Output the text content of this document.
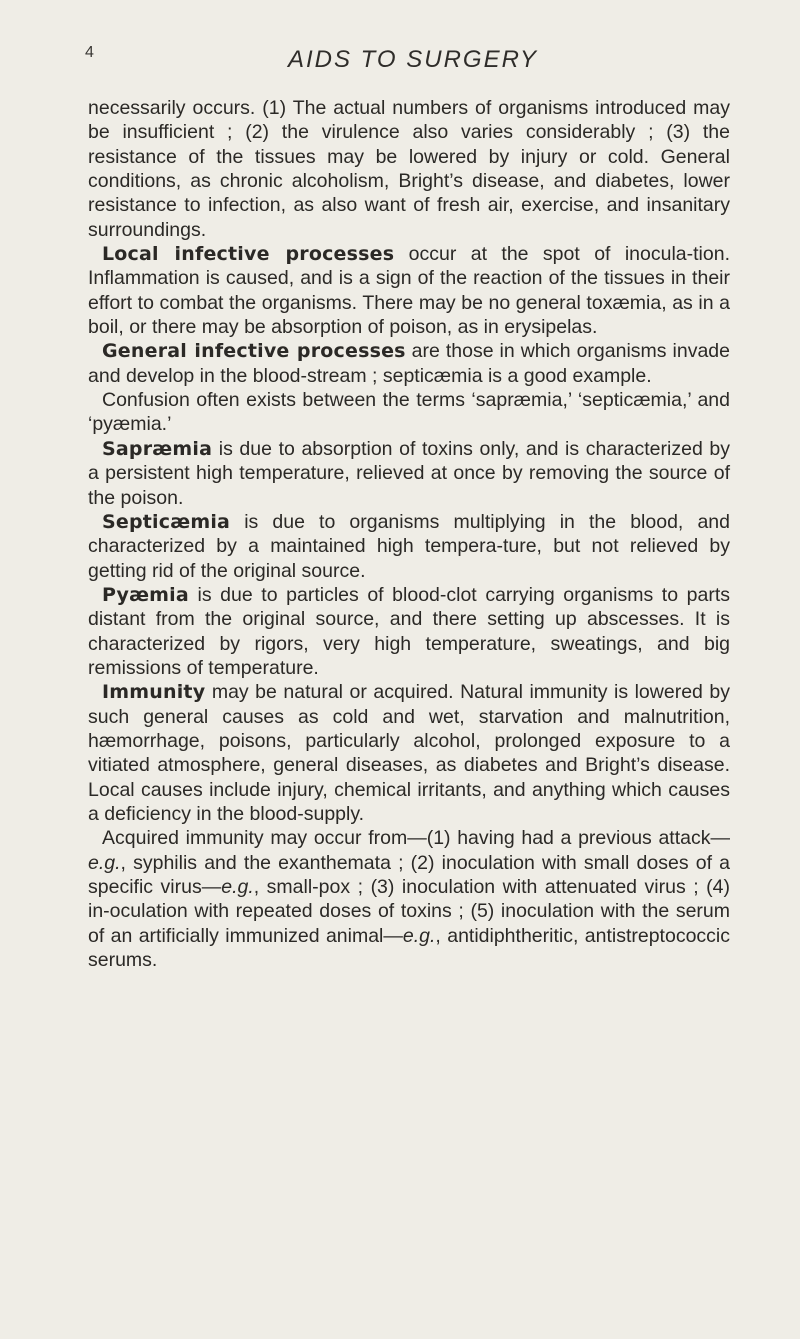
4	AIDS TO SURGERY

necessarily occurs. (1) The actual numbers of organisms introduced may be insufficient ; (2) the virulence also varies considerably ; (3) the resistance of the tissues may be lowered by injury or cold. General conditions, as chronic alcoholism, Bright’s disease, and diabetes, lower resistance to infection, as also want of fresh air, exercise, and insanitary surroundings.

Local infective processes occur at the spot of inocula-tion. Inflammation is caused, and is a sign of the reaction of the tissues in their effort to combat the organisms. There may be no general toxæmia, as in a boil, or there may be absorption of poison, as in erysipelas.

General infective processes are those in which organisms invade and develop in the blood-stream ; septicæmia is a good example.

Confusion often exists between the terms ‘sapræmia,’ ‘septicæmia,’ and ‘pyæmia.’

Sapræmia is due to absorption of toxins only, and is characterized by a persistent high temperature, relieved at once by removing the source of the poison.

Septicæmia is due to organisms multiplying in the blood, and characterized by a maintained high tempera-ture, but not relieved by getting rid of the original source.

Pyæmia is due to particles of blood-clot carrying organisms to parts distant from the original source, and there setting up abscesses. It is characterized by rigors, very high temperature, sweatings, and big remissions of temperature.

Immunity may be natural or acquired. Natural immunity is lowered by such general causes as cold and wet, starvation and malnutrition, hæmorrhage, poisons, particularly alcohol, prolonged exposure to a vitiated atmosphere, general diseases, as diabetes and Bright’s disease. Local causes include injury, chemical irritants, and anything which causes a deficiency in the blood-supply.

Acquired immunity may occur from—(1) having had a previous attack—e.g., syphilis and the exanthemata ; (2) inoculation with small doses of a specific virus—e.g., small-pox ; (3) inoculation with attenuated virus ; (4) in-oculation with repeated doses of toxins ; (5) inoculation with the serum of an artificially immunized animal—e.g., antidiphtheritic, antistreptococcic serums.
